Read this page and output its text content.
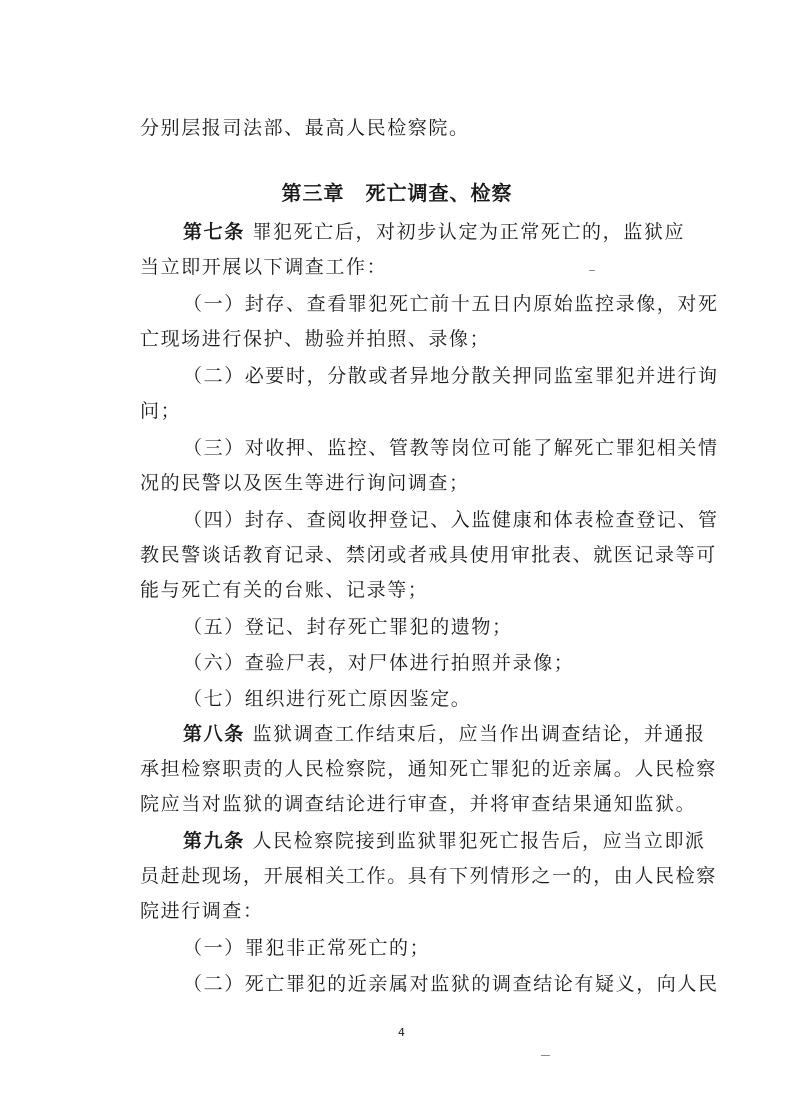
分别层报司法部、最高人民检察院。
第三章　死亡调查、检察
第七条 罪犯死亡后，对初步认定为正常死亡的，监狱应
当立即开展以下调查工作：
（一）封存、查看罪犯死亡前十五日内原始监控录像，对死
亡现场进行保护、勘验并拍照、录像；
（二）必要时，分散或者异地分散关押同监室罪犯并进行询
问；
（三）对收押、监控、管教等岗位可能了解死亡罪犯相关情
况的民警以及医生等进行询问调查；
（四）封存、查阅收押登记、入监健康和体表检查登记、管
教民警谈话教育记录、禁闭或者戒具使用审批表、就医记录等可
能与死亡有关的台账、记录等；
（五）登记、封存死亡罪犯的遗物；
（六）查验尸表，对尸体进行拍照并录像；
（七）组织进行死亡原因鉴定。
第八条 监狱调查工作结束后，应当作出调查结论，并通报
承担检察职责的人民检察院，通知死亡罪犯的近亲属。人民检察
院应当对监狱的调查结论进行审查，并将审查结果通知监狱。
第九条 人民检察院接到监狱罪犯死亡报告后，应当立即派
员赶赴现场，开展相关工作。具有下列情形之一的，由人民检察
院进行调查：
（一）罪犯非正常死亡的；
（二）死亡罪犯的近亲属对监狱的调查结论有疑义，向人民
4
